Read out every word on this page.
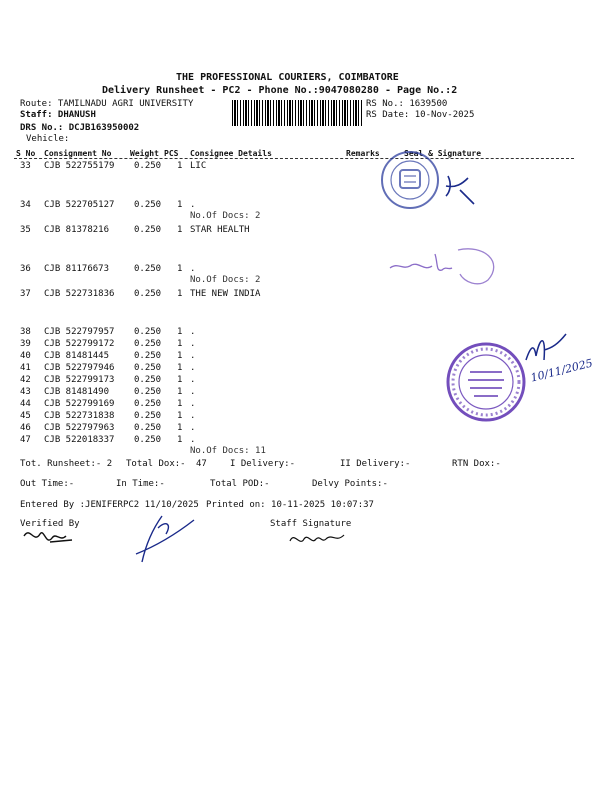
THE PROFESSIONAL COURIERS, COIMBATORE
Delivery Runsheet - PC2 - Phone No.:9047080280 - Page No.:2
Route: TAMILNADU AGRI UNIVERSITY
Staff: DHANUSH
DRS No.: DCJB163950002
Vehicle:
RS No.: 1639500
RS Date: 10-Nov-2025
S No Consignment No Weight PCS Consignee Details	Remarks	Seal & Signature
33 CJB 522755179 0.250 1 LIC
34 CJB 522705127 0.250 1 .
No.Of Docs: 2
35 CJB 81378216	0.250 1 STAR HEALTH
36 CJB 81176673	0.250 1 .
No.Of Docs: 2
37 CJB 522731836 0.250 1 THE NEW INDIA
38 CJB 522797957 0.250 1 .
39 CJB 522799172 0.250 1 .
40 CJB 81481445	0.250 1 .
41 CJB 522797946 0.250 1 .
42 CJB 522799173 0.250 1 .
43 CJB 81481490	0.250 1 .
44 CJB 522799169 0.250 1 .
45 CJB 522731838 0.250 1 .
46 CJB 522797963 0.250 1 .
47 CJB 522018337 0.250 1 .
No.Of Docs: 11
10/11/2025
Tot. Runsheet:- 2 Total Dox:- 47	I Delivery:-	II Delivery:-	RTN Dox:-
Out Time:-	In Time:-	Total POD:-	Delvy Points:-
Entered By :JENIFERPC2 11/10/2025 Printed on: 10-11-2025 10:07:37
Verified By	Staff Signature
